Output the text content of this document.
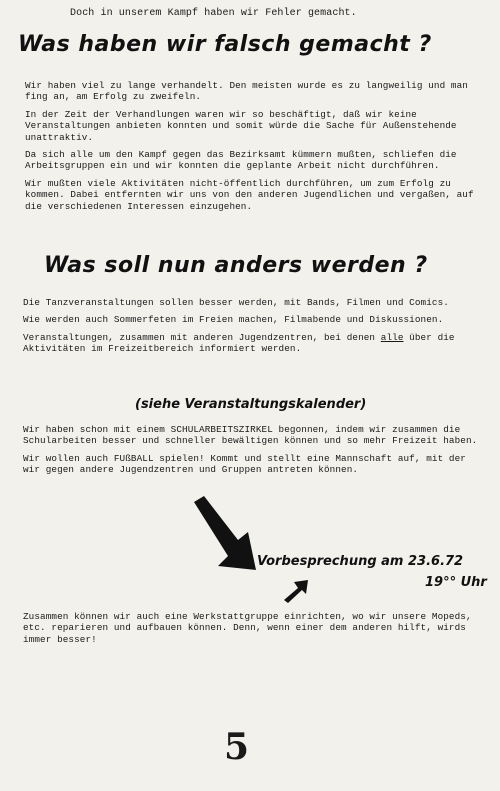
Doch in unserem Kampf haben wir Fehler gemacht.
Was haben wir falsch gemacht ?

Wir haben viel zu lange verhandelt. Den meisten wurde es zu langweilig und man fing an, am Erfolg zu zweifeln.

In der Zeit der Verhandlungen waren wir so beschäftigt, daß wir keine Veranstaltungen anbieten konnten und somit würde die Sache für Außenstehende unattraktiv.

Da sich alle um den Kampf gegen das Bezirksamt kümmern mußten, schliefen die Arbeitsgruppen ein und wir konnten die geplante Arbeit nicht durchführen.

Wir mußten viele Aktivitäten nicht-öffentlich durchführen, um zum Erfolg zu kommen. Dabei entfernten wir uns von den anderen Jugendlichen und vergaßen, auf die verschiedenen Interessen einzugehen.

Was soll nun anders werden ?

Die Tanzveranstaltungen sollen besser werden, mit Bands, Filmen und Comics.

Wie werden auch Sommerfeten im Freien machen, Filmabende und Diskussionen.

Veranstaltungen, zusammen mit anderen Jugendzentren, bei denen alle über die Aktivitäten im Freizeitbereich informiert werden.

(siehe Veranstaltungskalender)

Wir haben schon mit einem SCHULARBEITSZIRKEL begonnen, indem wir zusammen die Schularbeiten besser und schneller bewältigen können und so mehr Freizeit haben.

Wir wollen auch FUßBALL spielen! Kommt und stellt eine Mannschaft auf, mit der wir gegen andere Jugendzentren und Gruppen antreten können.

Vorbesprechung am 23.6.72
19°° Uhr

Zusammen können wir auch eine Werkstattgruppe einrichten, wo wir unsere Mopeds, etc. reparieren und aufbauen können. Denn, wenn einer dem anderen hilft, wirds immer besser!

5
